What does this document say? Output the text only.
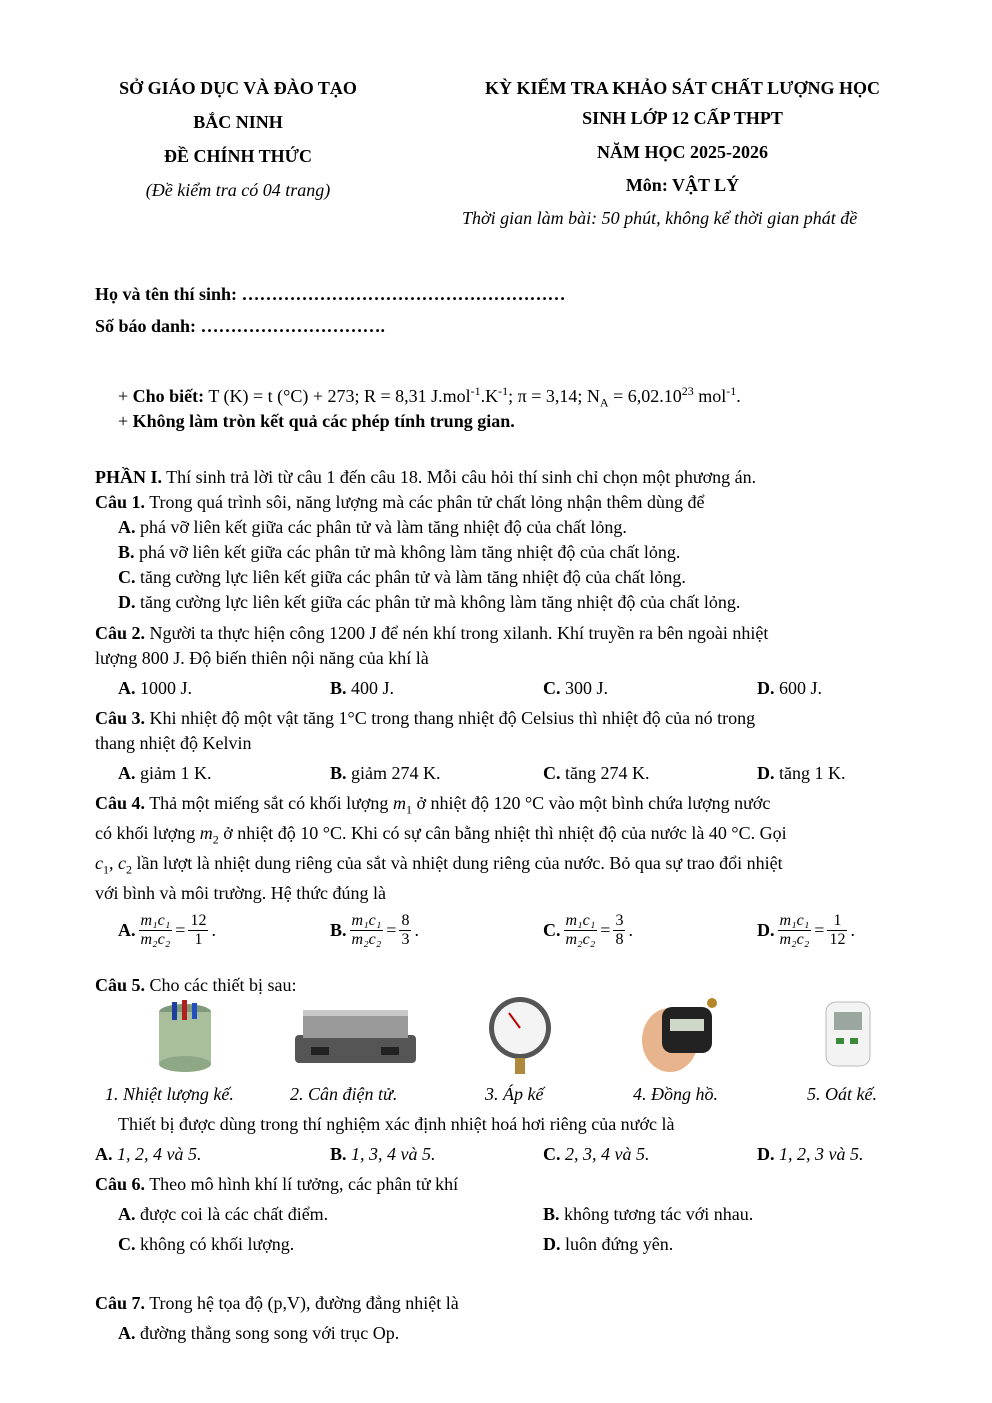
SỞ GIÁO DỤC VÀ ĐÀO TẠO
BẮC NINH
ĐỀ CHÍNH THỨC
(Đề kiểm tra có 04 trang)
KỲ KIỂM TRA KHẢO SÁT CHẤT LƯỢNG HỌC
SINH LỚP 12 CẤP THPT
NĂM HỌC 2025-2026
Môn: VẬT LÝ
Thời gian làm bài: 50 phút, không kể thời gian phát đề
Họ và tên thí sinh: ………………………………………………
Số báo danh: ………………………….
+ Cho biết: T (K) = t (°C) + 273; R = 8,31 $J.mol^{-1}.K^{-1}$; π = 3,14; $N_A = 6,02.10^{23}$ mol$^{-1}$.
+ Không làm tròn kết quả các phép tính trung gian.
PHẦN I. Thí sinh trả lời từ câu 1 đến câu 18. Mỗi câu hỏi thí sinh chỉ chọn một phương án.
Câu 1. Trong quá trình sôi, năng lượng mà các phân tử chất lỏng nhận thêm dùng để
A. phá vỡ liên kết giữa các phân tử và làm tăng nhiệt độ của chất lỏng.
B. phá vỡ liên kết giữa các phân tử mà không làm tăng nhiệt độ của chất lỏng.
C. tăng cường lực liên kết giữa các phân tử và làm tăng nhiệt độ của chất lỏng.
D. tăng cường lực liên kết giữa các phân tử mà không làm tăng nhiệt độ của chất lỏng.
Câu 2. Người ta thực hiện công 1200 J để nén khí trong xilanh. Khí truyền ra bên ngoài nhiệt
lượng 800 J. Độ biến thiên nội năng của khí là
A. 1000 J.	B. 400 J.	C. 300 J.	D. 600 J.
Câu 3. Khi nhiệt độ một vật tăng 1°C trong thang nhiệt độ Celsius thì nhiệt độ của nó trong
thang nhiệt độ Kelvin
A. giảm 1 K.	B. giảm 274 K.	C. tăng 274 K.	D. tăng 1 K.
Câu 4. Thả một miếng sắt có khối lượng $m_1$ ở nhiệt độ 120 °C vào một bình chứa lượng nước
có khối lượng $m_2$ ở nhiệt độ 10 °C. Khi có sự cân bằng nhiệt thì nhiệt độ của nước là 40 °C. Gọi
$c_1$, $c_2$ lần lượt là nhiệt dung riêng của sắt và nhiệt dung riêng của nước. Bỏ qua sự trao đổi nhiệt
với bình và môi trường. Hệ thức đúng là
A. $\frac{\text{m₁c₁}}{\text{m₂c₂}} = \frac{12}{1}$ .	B. $\frac{\text{m₁c₁}}{\text{m₂c₂}} = \frac{8}{3}$ .	C. $\frac{\text{m₁c₁}}{\text{m₂c₂}} = \frac{3}{8}$ .	D. $\frac{\text{m₁c₁}}{\text{m₂c₂}} = \frac{1}{12}$ .
Câu 5. Cho các thiết bị sau:
1. Nhiệt lượng kế.	2. Cân điện tử.	3. Áp kế	4. Đồng hồ.	5. Oát kế.
Thiết bị được dùng trong thí nghiệm xác định nhiệt hoá hơi riêng của nước là
A. 1, 2, 4 và 5.	B. 1, 3, 4 và 5.	C. 2, 3, 4 và 5.	D. 1, 2, 3 và 5.
Câu 6. Theo mô hình khí lí tưởng, các phân tử khí
A. được coi là các chất điểm.	B. không tương tác với nhau.
C. không có khối lượng.	D. luôn đứng yên.
Câu 7. Trong hệ tọa độ (p,V), đường đẳng nhiệt là
A. đường thẳng song song với trục Op.
